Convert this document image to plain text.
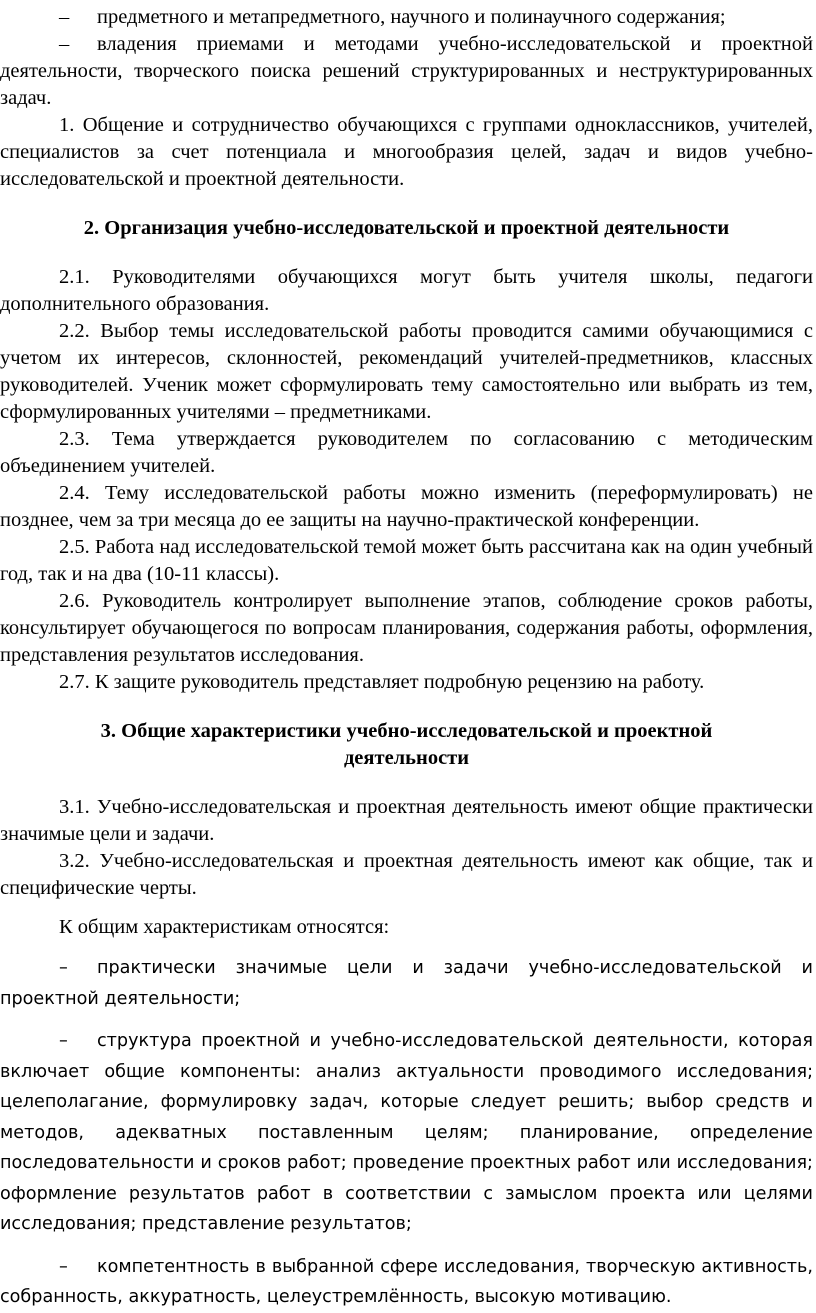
– предметного и метапредметного, научного и полинаучного содержания;

– владения приемами и методами учебно-исследовательской и проектной деятельности, творческого поиска решений структурированных и неструктурированных задач.

1. Общение и сотрудничество обучающихся с группами одноклассников, учителей, специалистов за счет потенциала и многообразия целей, задач и видов учебно-исследовательской и проектной деятельности.

2. Организация учебно-исследовательской и проектной деятельности

2.1. Руководителями обучающихся могут быть учителя школы, педагоги дополнительного образования.

2.2. Выбор темы исследовательской работы проводится самими обучающимися с учетом их интересов, склонностей, рекомендаций учителей-предметников, классных руководителей. Ученик может сформулировать тему самостоятельно или выбрать из тем, сформулированных учителями – предметниками.

2.3. Тема утверждается руководителем по согласованию с методическим объединением учителей.

2.4. Тему исследовательской работы можно изменить (переформулировать) не позднее, чем за три месяца до ее защиты на научно-практической конференции.

2.5. Работа над исследовательской темой может быть рассчитана как на один учебный год, так и на два (10-11 классы).

2.6. Руководитель контролирует выполнение этапов, соблюдение сроков работы, консультирует обучающегося по вопросам планирования, содержания работы, оформления, представления результатов исследования.

2.7. К защите руководитель представляет подробную рецензию на работу.

3. Общие характеристики учебно-исследовательской и проектной
деятельности

3.1. Учебно-исследовательская и проектная деятельность имеют общие практически значимые цели и задачи.

3.2. Учебно-исследовательская и проектная деятельность имеют как общие, так и специфические черты.

К общим характеристикам относятся:

– практически значимые цели и задачи учебно-исследовательской и проектной деятельности;

– структура проектной и учебно-исследовательской деятельности, которая включает общие компоненты: анализ актуальности проводимого исследования; целеполагание, формулировку задач, которые следует решить; выбор средств и методов, адекватных поставленным целям; планирование, определение последовательности и сроков работ; проведение проектных работ или исследования; оформление результатов работ в соответствии с замыслом проекта или целями исследования; представление результатов;

– компетентность в выбранной сфере исследования, творческую активность, собранность, аккуратность, целеустремлённость, высокую мотивацию.
